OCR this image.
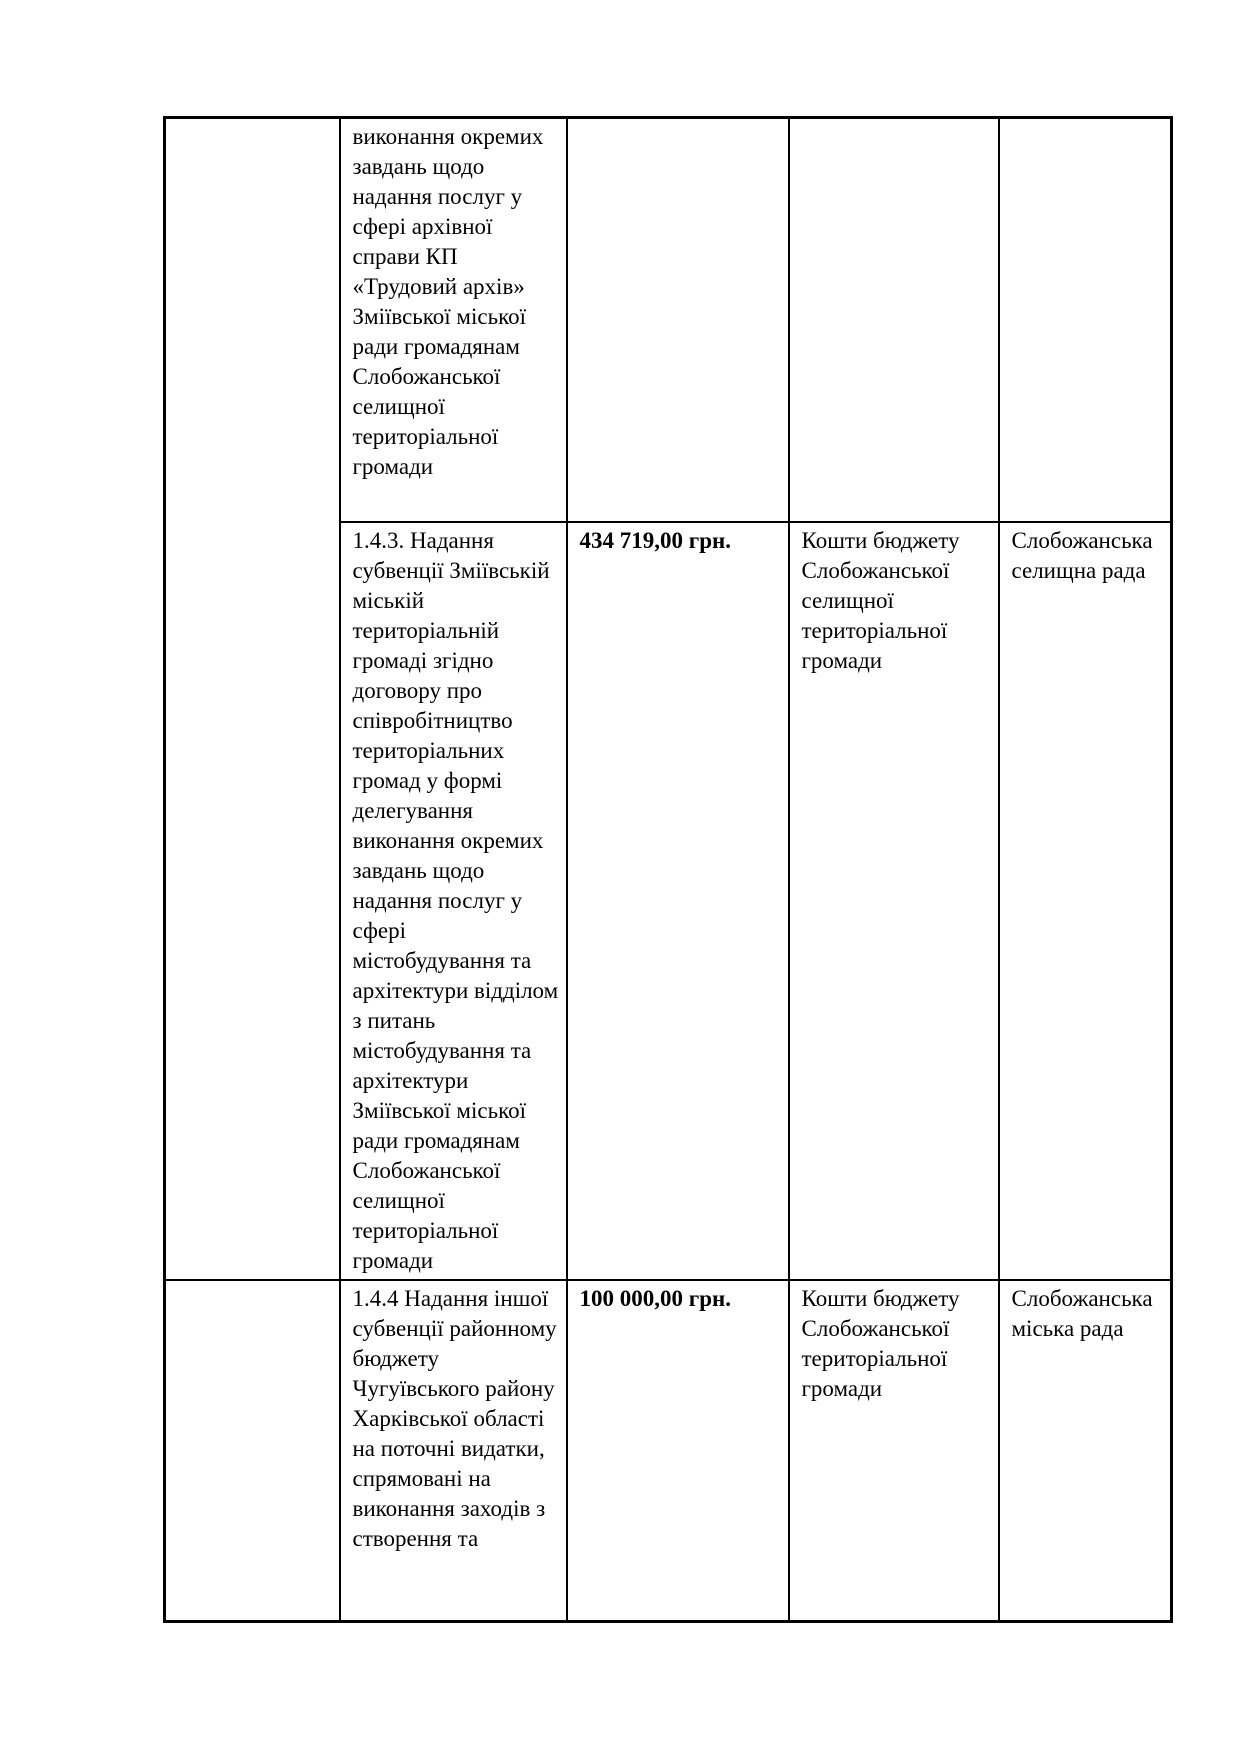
	виконання окремих завдань щодо надання послуг у сфері архівної справи КП «Трудовий архів» Зміївської міської ради громадянам Слобожанської селищної територіальної громади			
	1.4.3. Надання субвенції Зміївській міській територіальній громаді згідно договору про співробітництво територіальних громад у формі делегування виконання окремих завдань щодо надання послуг у сфері містобудування та архітектури відділом з питань містобудування та архітектури Зміївської міської ради громадянам Слобожанської селищної територіальної громади	434 719,00 грн.	Кошти бюджету Слобожанської селищної територіальної громади	Слобожанська селищна рада
	1.4.4 Надання іншої субвенції районному бюджету Чугуївського району Харківської області на поточні видатки, спрямовані на виконання заходів з створення та	100 000,00 грн.	Кошти бюджету Слобожанської територіальної громади	Слобожанська міська рада
